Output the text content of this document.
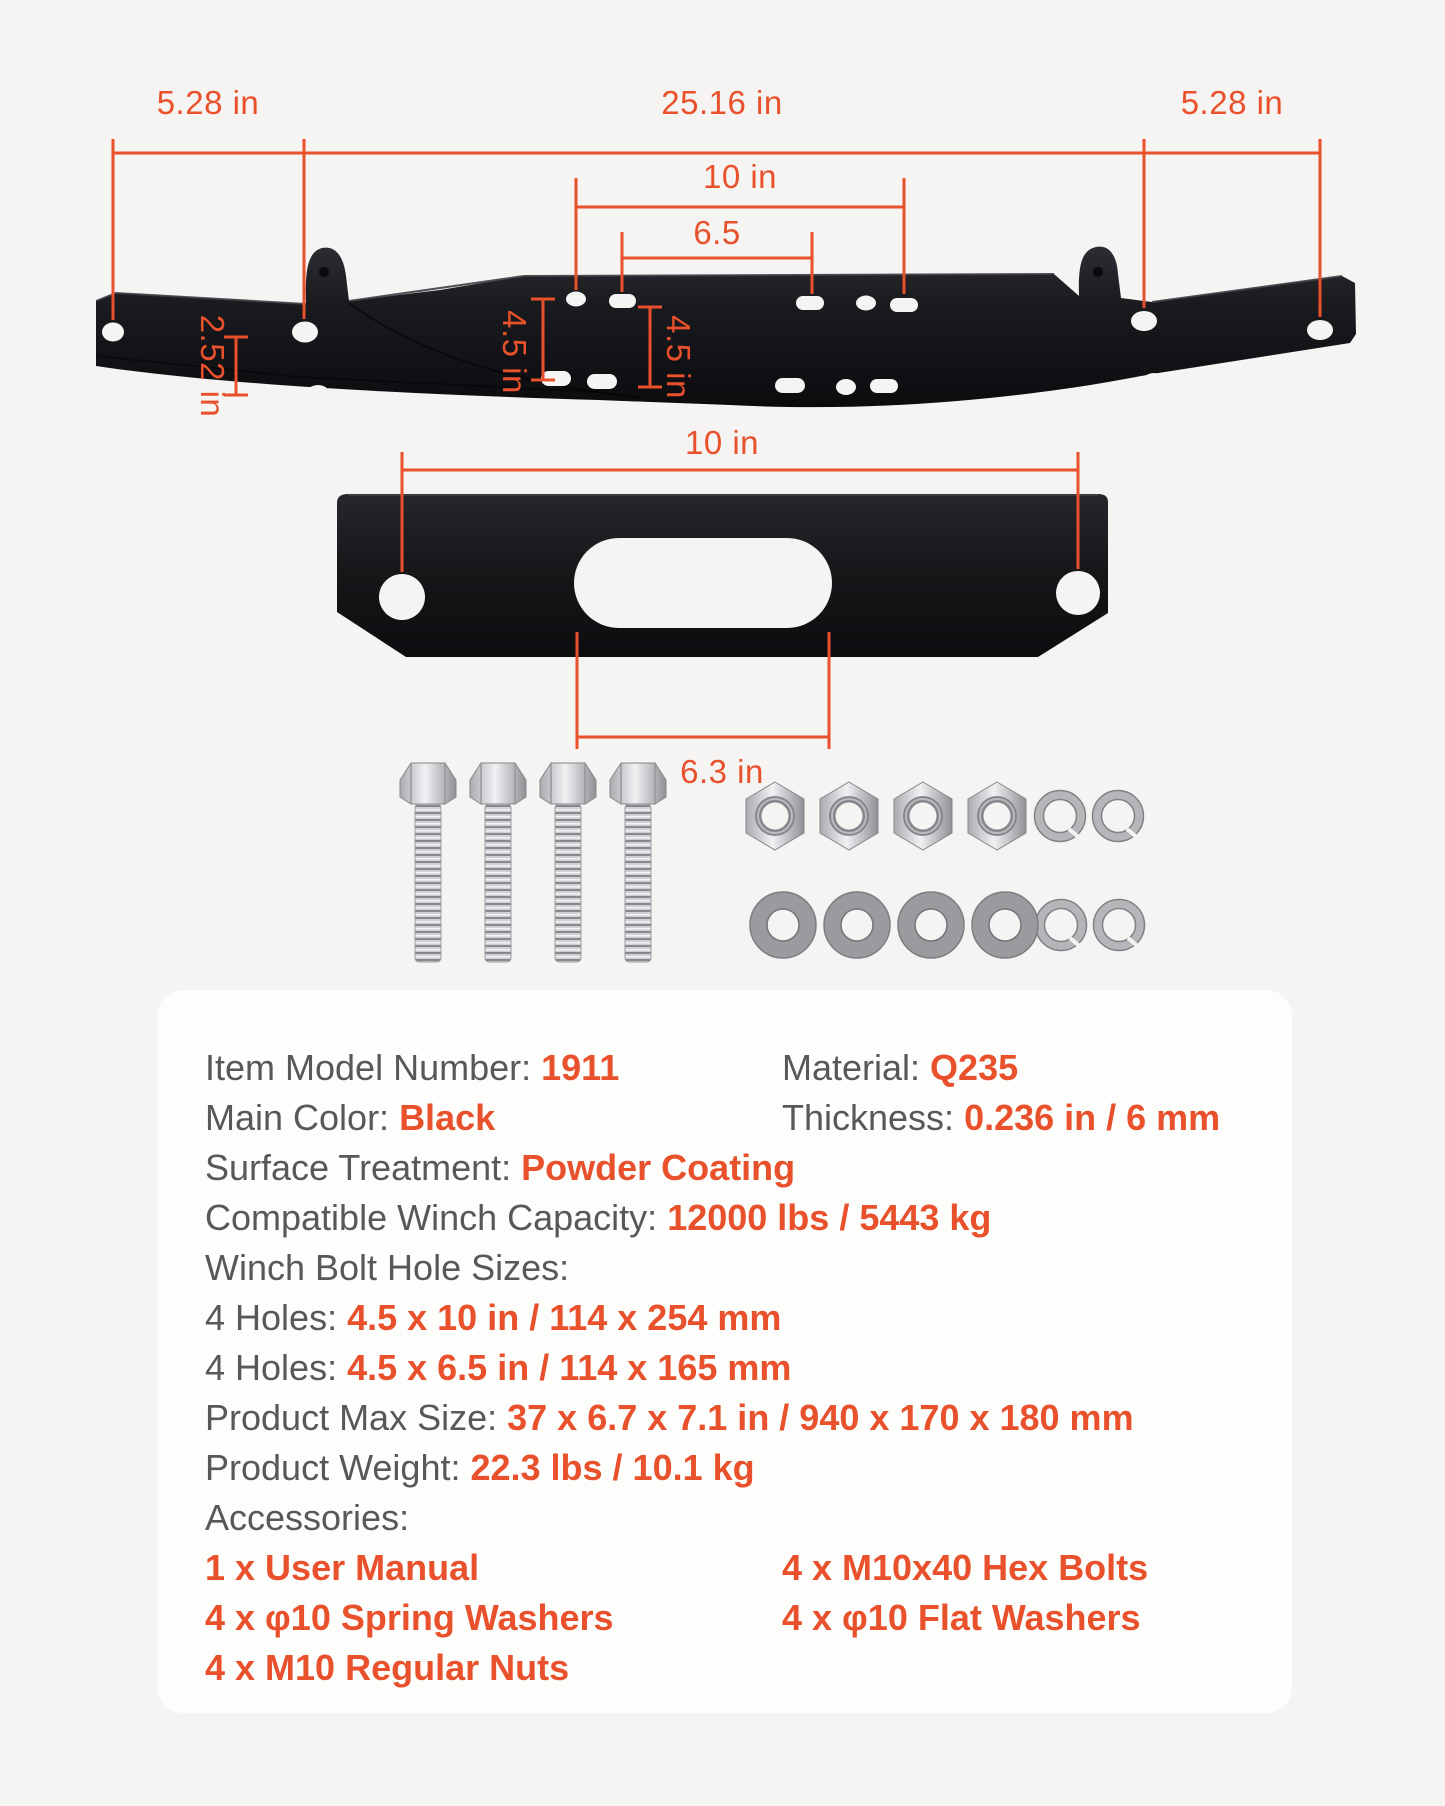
5.28 in	25.16 in	5.28 in
10 in
6.5
4.5 in	4.5 in
2.52 in
10 in
6.3 in

Item Model Number: 1911	Material: Q235

Main Color: Black	Thickness: 0.236 in / 6 mm

Surface Treatment: Powder Coating

Compatible Winch Capacity: 12000 lbs / 5443 kg

Winch Bolt Hole Sizes:

4 Holes: 4.5 x 10 in / 114 x 254 mm

4 Holes: 4.5 x 6.5 in / 114 x 165 mm

Product Max Size: 37 x 6.7 x 7.1 in / 940 x 170 x 180 mm

Product Weight: 22.3 lbs / 10.1 kg

Accessories:

1 x User Manual	4 x M10x40 Hex Bolts

4 x φ10 Spring Washers	4 x φ10 Flat Washers

4 x M10 Regular Nuts
